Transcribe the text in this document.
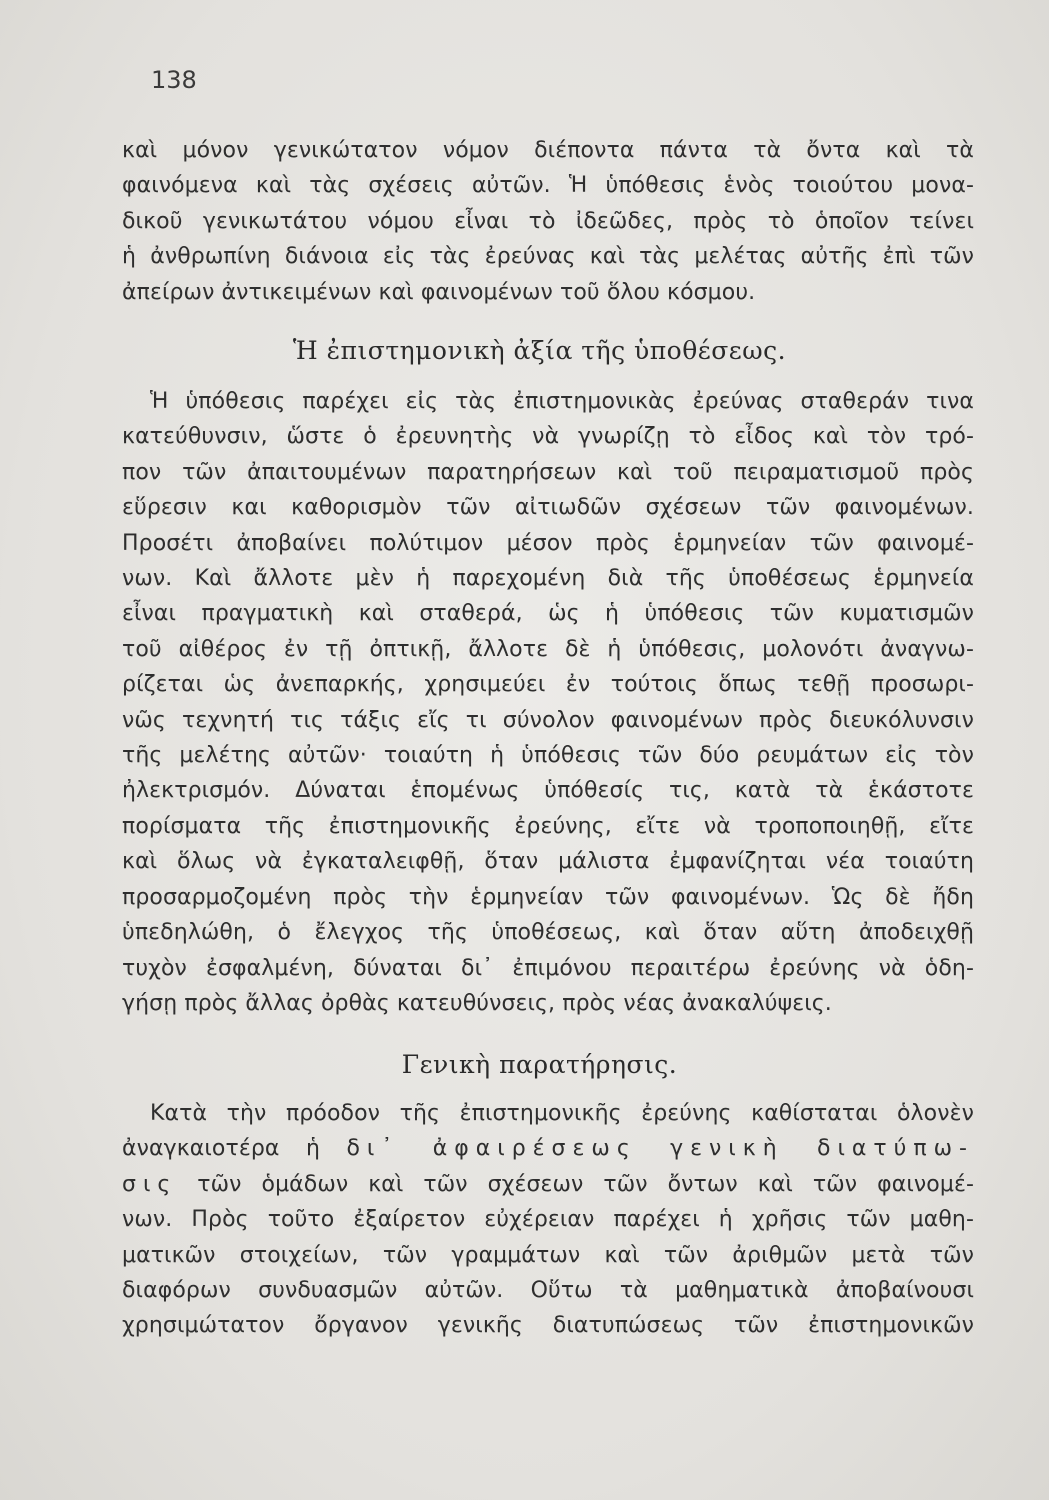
138
καὶ μόνον γενικώτατον νόμον διέποντα πάντα τὰ ὄντα καὶ τὰ
φαινόμενα καὶ τὰς σχέσεις αὐτῶν. Ἡ ὑπόθεσις ἑνὸς τοιούτου μονα-
δικοῦ γενικωτάτου νόμου εἶναι τὸ ἰδεῶδες, πρὸς τὸ ὁποῖον τείνει
ἡ ἀνθρωπίνη διάνοια εἰς τὰς ἐρεύνας καὶ τὰς μελέτας αὐτῆς ἐπὶ τῶν
ἀπείρων ἀντικειμένων καὶ φαινομένων τοῦ ὅλου κόσμου.
Ἡ ἐπιστημονικὴ ἀξία τῆς ὑποθέσεως.
Ἡ ὑπόθεσις παρέχει εἰς τὰς ἐπιστημονικὰς ἐρεύνας σταθεράν τινα
κατεύθυνσιν, ὥστε ὁ ἐρευνητὴς νὰ γνωρίζῃ τὸ εἶδος καὶ τὸν τρό-
πον τῶν ἀπαιτουμένων παρατηρήσεων καὶ τοῦ πειραματισμοῦ πρὸς
εὕρεσιν και καθορισμὸν τῶν αἰτιωδῶν σχέσεων τῶν φαινομένων.
Προσέτι ἀποβαίνει πολύτιμον μέσον πρὸς ἑρμηνείαν τῶν φαινομέ-
νων. Καὶ ἄλλοτε μὲν ἡ παρεχομένη διὰ τῆς ὑποθέσεως ἑρμηνεία
εἶναι πραγματικὴ καὶ σταθερά, ὡς ἡ ὑπόθεσις τῶν κυματισμῶν
τοῦ αἰθέρος ἐν τῇ ὀπτικῇ, ἄλλοτε δὲ ἡ ὑπόθεσις, μολονότι ἀναγνω-
ρίζεται ὡς ἀνεπαρκής, χρησιμεύει ἐν τούτοις ὅπως τεθῇ προσωρι-
νῶς τεχνητή τις τάξις εἴς τι σύνολον φαινομένων πρὸς διευκόλυνσιν
τῆς μελέτης αὐτῶν· τοιαύτη ἡ ὑπόθεσις τῶν δύο ρευμάτων εἰς τὸν
ἠλεκτρισμόν. Δύναται ἑπομένως ὑπόθεσίς τις, κατὰ τὰ ἑκάστοτε
πορίσματα τῆς ἐπιστημονικῆς ἐρεύνης, εἴτε νὰ τροποποιηθῇ, εἴτε
καὶ ὅλως νὰ ἐγκαταλειφθῇ, ὅταν μάλιστα ἐμφανίζηται νέα τοιαύτη
προσαρμοζομένη πρὸς τὴν ἑρμηνείαν τῶν φαινομένων. Ὡς δὲ ἤδη
ὑπεδηλώθη, ὁ ἔλεγχος τῆς ὑποθέσεως, καὶ ὅταν αὕτη ἀποδειχθῇ
τυχὸν ἐσφαλμένη, δύναται δι᾿ ἐπιμόνου περαιτέρω ἐρεύνης νὰ ὁδη-
γήσῃ πρὸς ἄλλας ὀρθὰς κατευθύνσεις, πρὸς νέας ἀνακαλύψεις.
Γενικὴ παρατήρησις.
Κατὰ τὴν πρόοδον τῆς ἐπιστημονικῆς ἐρεύνης καθίσταται ὁλονὲν
ἀναγκαιοτέρα ἡ δι᾿ ἀφαιρέσεως γενικὴ διατύπω-
σις τῶν ὁμάδων καὶ τῶν σχέσεων τῶν ὄντων καὶ τῶν φαινομέ-
νων. Πρὸς τοῦτο ἐξαίρετον εὐχέρειαν παρέχει ἡ χρῆσις τῶν μαθη-
ματικῶν στοιχείων, τῶν γραμμάτων καὶ τῶν ἀριθμῶν μετὰ τῶν
διαφόρων συνδυασμῶν αὐτῶν. Οὕτω τὰ μαθηματικὰ ἀποβαίνουσι
χρησιμώτατον ὄργανον γενικῆς διατυπώσεως τῶν ἐπιστημονικῶν
